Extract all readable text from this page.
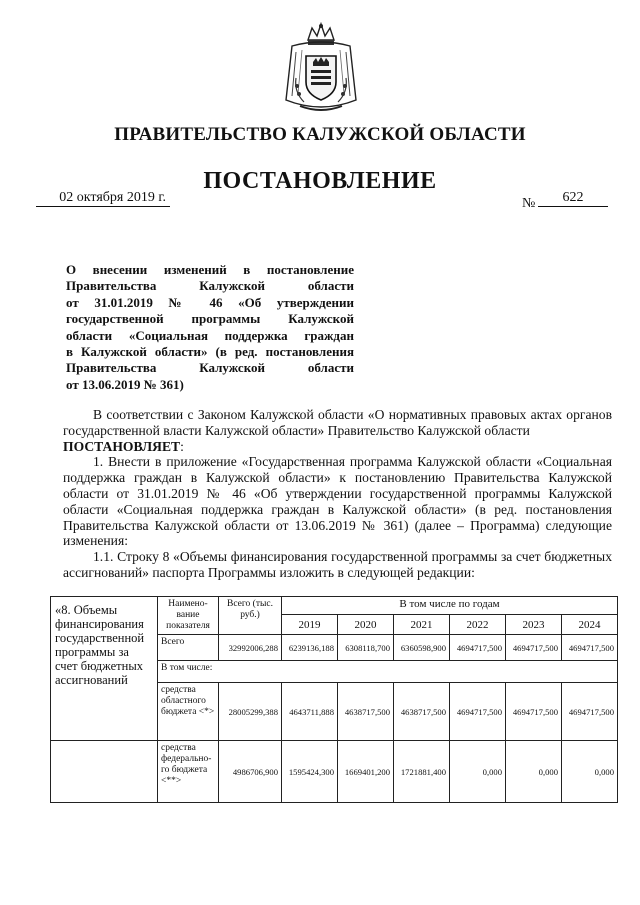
ПРАВИТЕЛЬСТВО КАЛУЖСКОЙ ОБЛАСТИ
ПОСТАНОВЛЕНИЕ
02 октября 2019 г.	№	622
О внесении изменений в постановление
Правительства Калужской области
от 31.01.2019 № 46 «Об утверждении
государственной программы Калужской
области «Социальная поддержка граждан
в Калужской области» (в ред. постановления
Правительства Калужской области
от 13.06.2019 № 361)

В соответствии с Законом Калужской области «О нормативных правовых актах органов государственной власти Калужской области» Правительство Калужской области
ПОСТАНОВЛЯЕТ:

1. Внести в приложение «Государственная программа Калужской области «Социальная поддержка граждан в Калужской области» к постановлению Правительства Калужской области от 31.01.2019 № 46 «Об утверждении государственной программы Калужской области «Социальная поддержка граждан в Калужской области» (в ред. постановления Правительства Калужской области от 13.06.2019 № 361) (далее – Программа) следующие изменения:

1.1. Строку 8 «Объемы финансирования государственной программы за счет бюджетных ассигнований» паспорта Программы изложить в следующей редакции:

«8. Объемы финансирования государственной программы за счет бюджетных ассигнований	Наимено-вание показателя	Всего (тыс. руб.)	В том числе по годам					
			2019	2020	2021	2022	2023	2024
	Всего	32992006,288	6239136,188	6308118,700	6360598,900	4694717,500	4694717,500	4694717,500
	В том числе:							
	средства областного бюджета <*>	28005299,388	4643711,888	4638717,500	4638717,500	4694717,500	4694717,500	4694717,500
	средства федерально-го бюджета <**>	4986706,900	1595424,300	1669401,200	1721881,400	0,000	0,000	0,000
